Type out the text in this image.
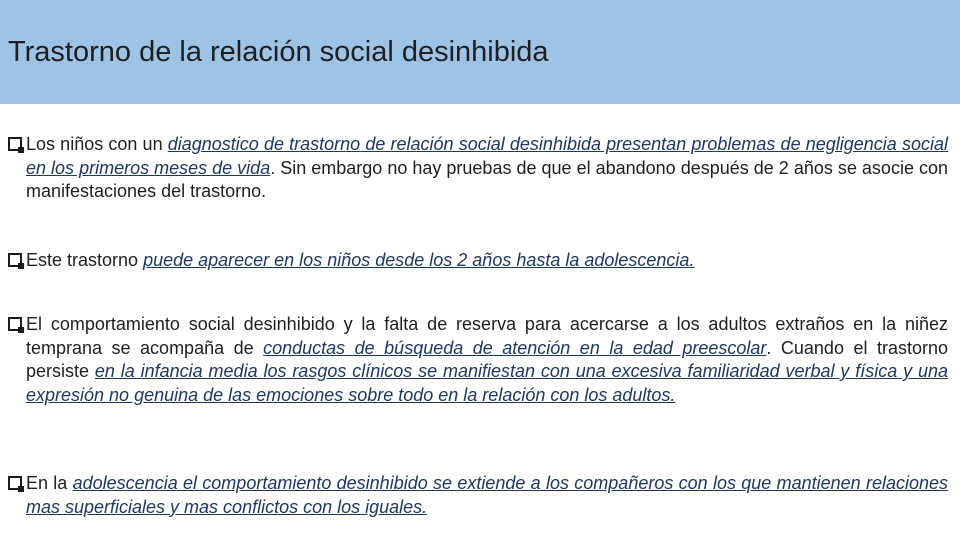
Trastorno de la relación social desinhibida
Los niños con un diagnostico de trastorno de relación social desinhibida presentan problemas de negligencia social en los primeros meses de vida. Sin embargo no hay pruebas de que el abandono después de 2 años se asocie con manifestaciones del trastorno.
Este trastorno puede aparecer en los niños desde los 2 años hasta la adolescencia.
El comportamiento social desinhibido y la falta de reserva para acercarse a los adultos extraños en la niñez temprana se acompaña de conductas de búsqueda de atención en la edad preescolar. Cuando el trastorno persiste en la infancia media los rasgos clínicos se manifiestan con una excesiva familiaridad verbal y física y una expresión no genuina de las emociones sobre todo en la relación con los adultos.
En la adolescencia el comportamiento desinhibido se extiende a los compañeros con los que mantienen relaciones mas superficiales y mas conflictos con los iguales.
